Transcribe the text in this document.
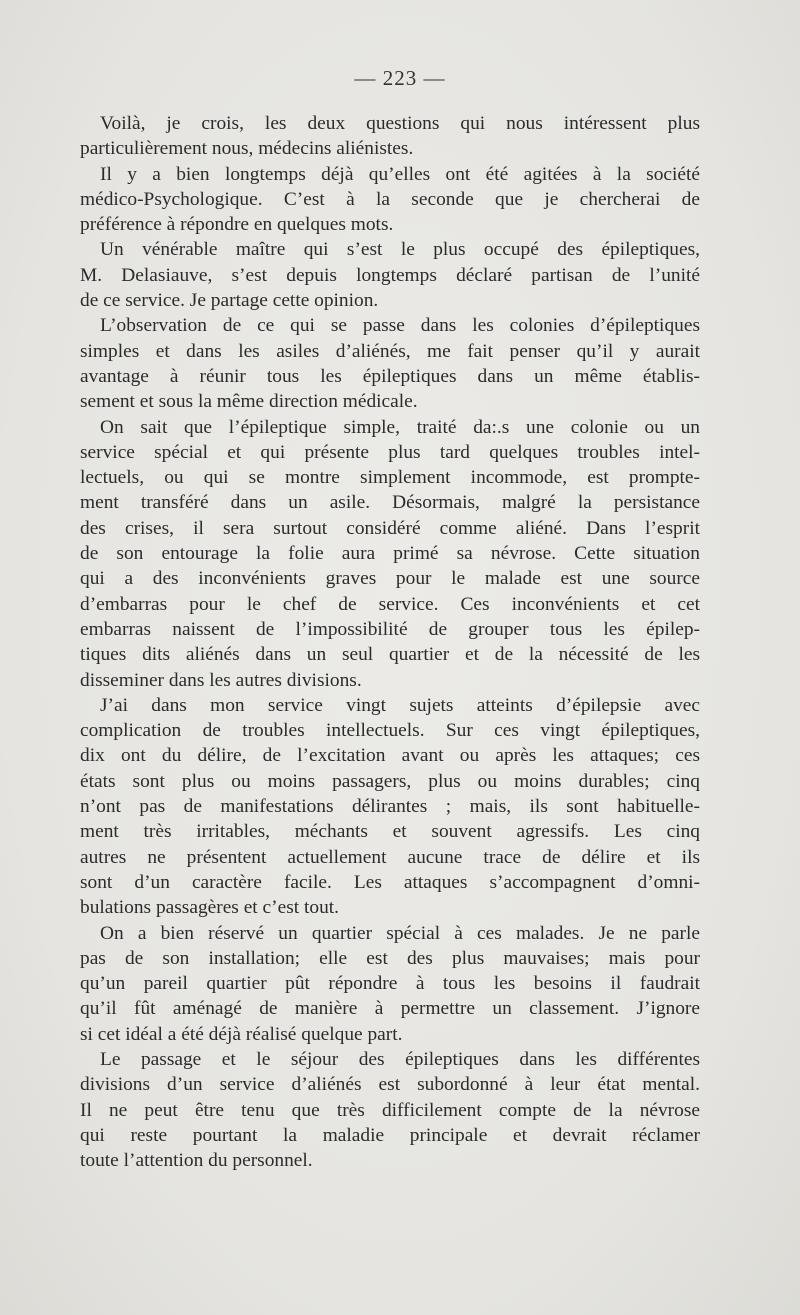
— 223 —
Voilà, je crois, les deux questions qui nous intéressent plus
particulièrement nous, médecins aliénistes.
Il y a bien longtemps déjà qu’elles ont été agitées à la société
médico-Psychologique. C’est à la seconde que je chercherai de
préférence à répondre en quelques mots.
Un vénérable maître qui s’est le plus occupé des épileptiques,
M. Delasiauve, s’est depuis longtemps déclaré partisan de l’unité
de ce service. Je partage cette opinion.
L’observation de ce qui se passe dans les colonies d’épileptiques
simples et dans les asiles d’aliénés, me fait penser qu’il y aurait
avantage à réunir tous les épileptiques dans un même établis-
sement et sous la même direction médicale.
On sait que l’épileptique simple, traité da:.s une colonie ou un
service spécial et qui présente plus tard quelques troubles intel-
lectuels, ou qui se montre simplement incommode, est prompte-
ment transféré dans un asile. Désormais, malgré la persistance
des crises, il sera surtout considéré comme aliéné. Dans l’esprit
de son entourage la folie aura primé sa névrose. Cette situation
qui a des inconvénients graves pour le malade est une source
d’embarras pour le chef de service. Ces inconvénients et cet
embarras naissent de l’impossibilité de grouper tous les épilep-
tiques dits aliénés dans un seul quartier et de la nécessité de les
disseminer dans les autres divisions.
J’ai dans mon service vingt sujets atteints d’épilepsie avec
complication de troubles intellectuels. Sur ces vingt épileptiques,
dix ont du délire, de l’excitation avant ou après les attaques; ces
états sont plus ou moins passagers, plus ou moins durables; cinq
n’ont pas de manifestations délirantes ; mais, ils sont habituelle-
ment très irritables, méchants et souvent agressifs. Les cinq
autres ne présentent actuellement aucune trace de délire et ils
sont d’un caractère facile. Les attaques s’accompagnent d’omni-
bulations passagères et c’est tout.
On a bien réservé un quartier spécial à ces malades. Je ne parle
pas de son installation; elle est des plus mauvaises; mais pour
qu’un pareil quartier pût répondre à tous les besoins il faudrait
qu’il fût aménagé de manière à permettre un classement. J’ignore
si cet idéal a été déjà réalisé quelque part.
Le passage et le séjour des épileptiques dans les différentes
divisions d’un service d’aliénés est subordonné à leur état mental.
Il ne peut être tenu que très difficilement compte de la névrose
qui reste pourtant la maladie principale et devrait réclamer
toute l’attention du personnel.
